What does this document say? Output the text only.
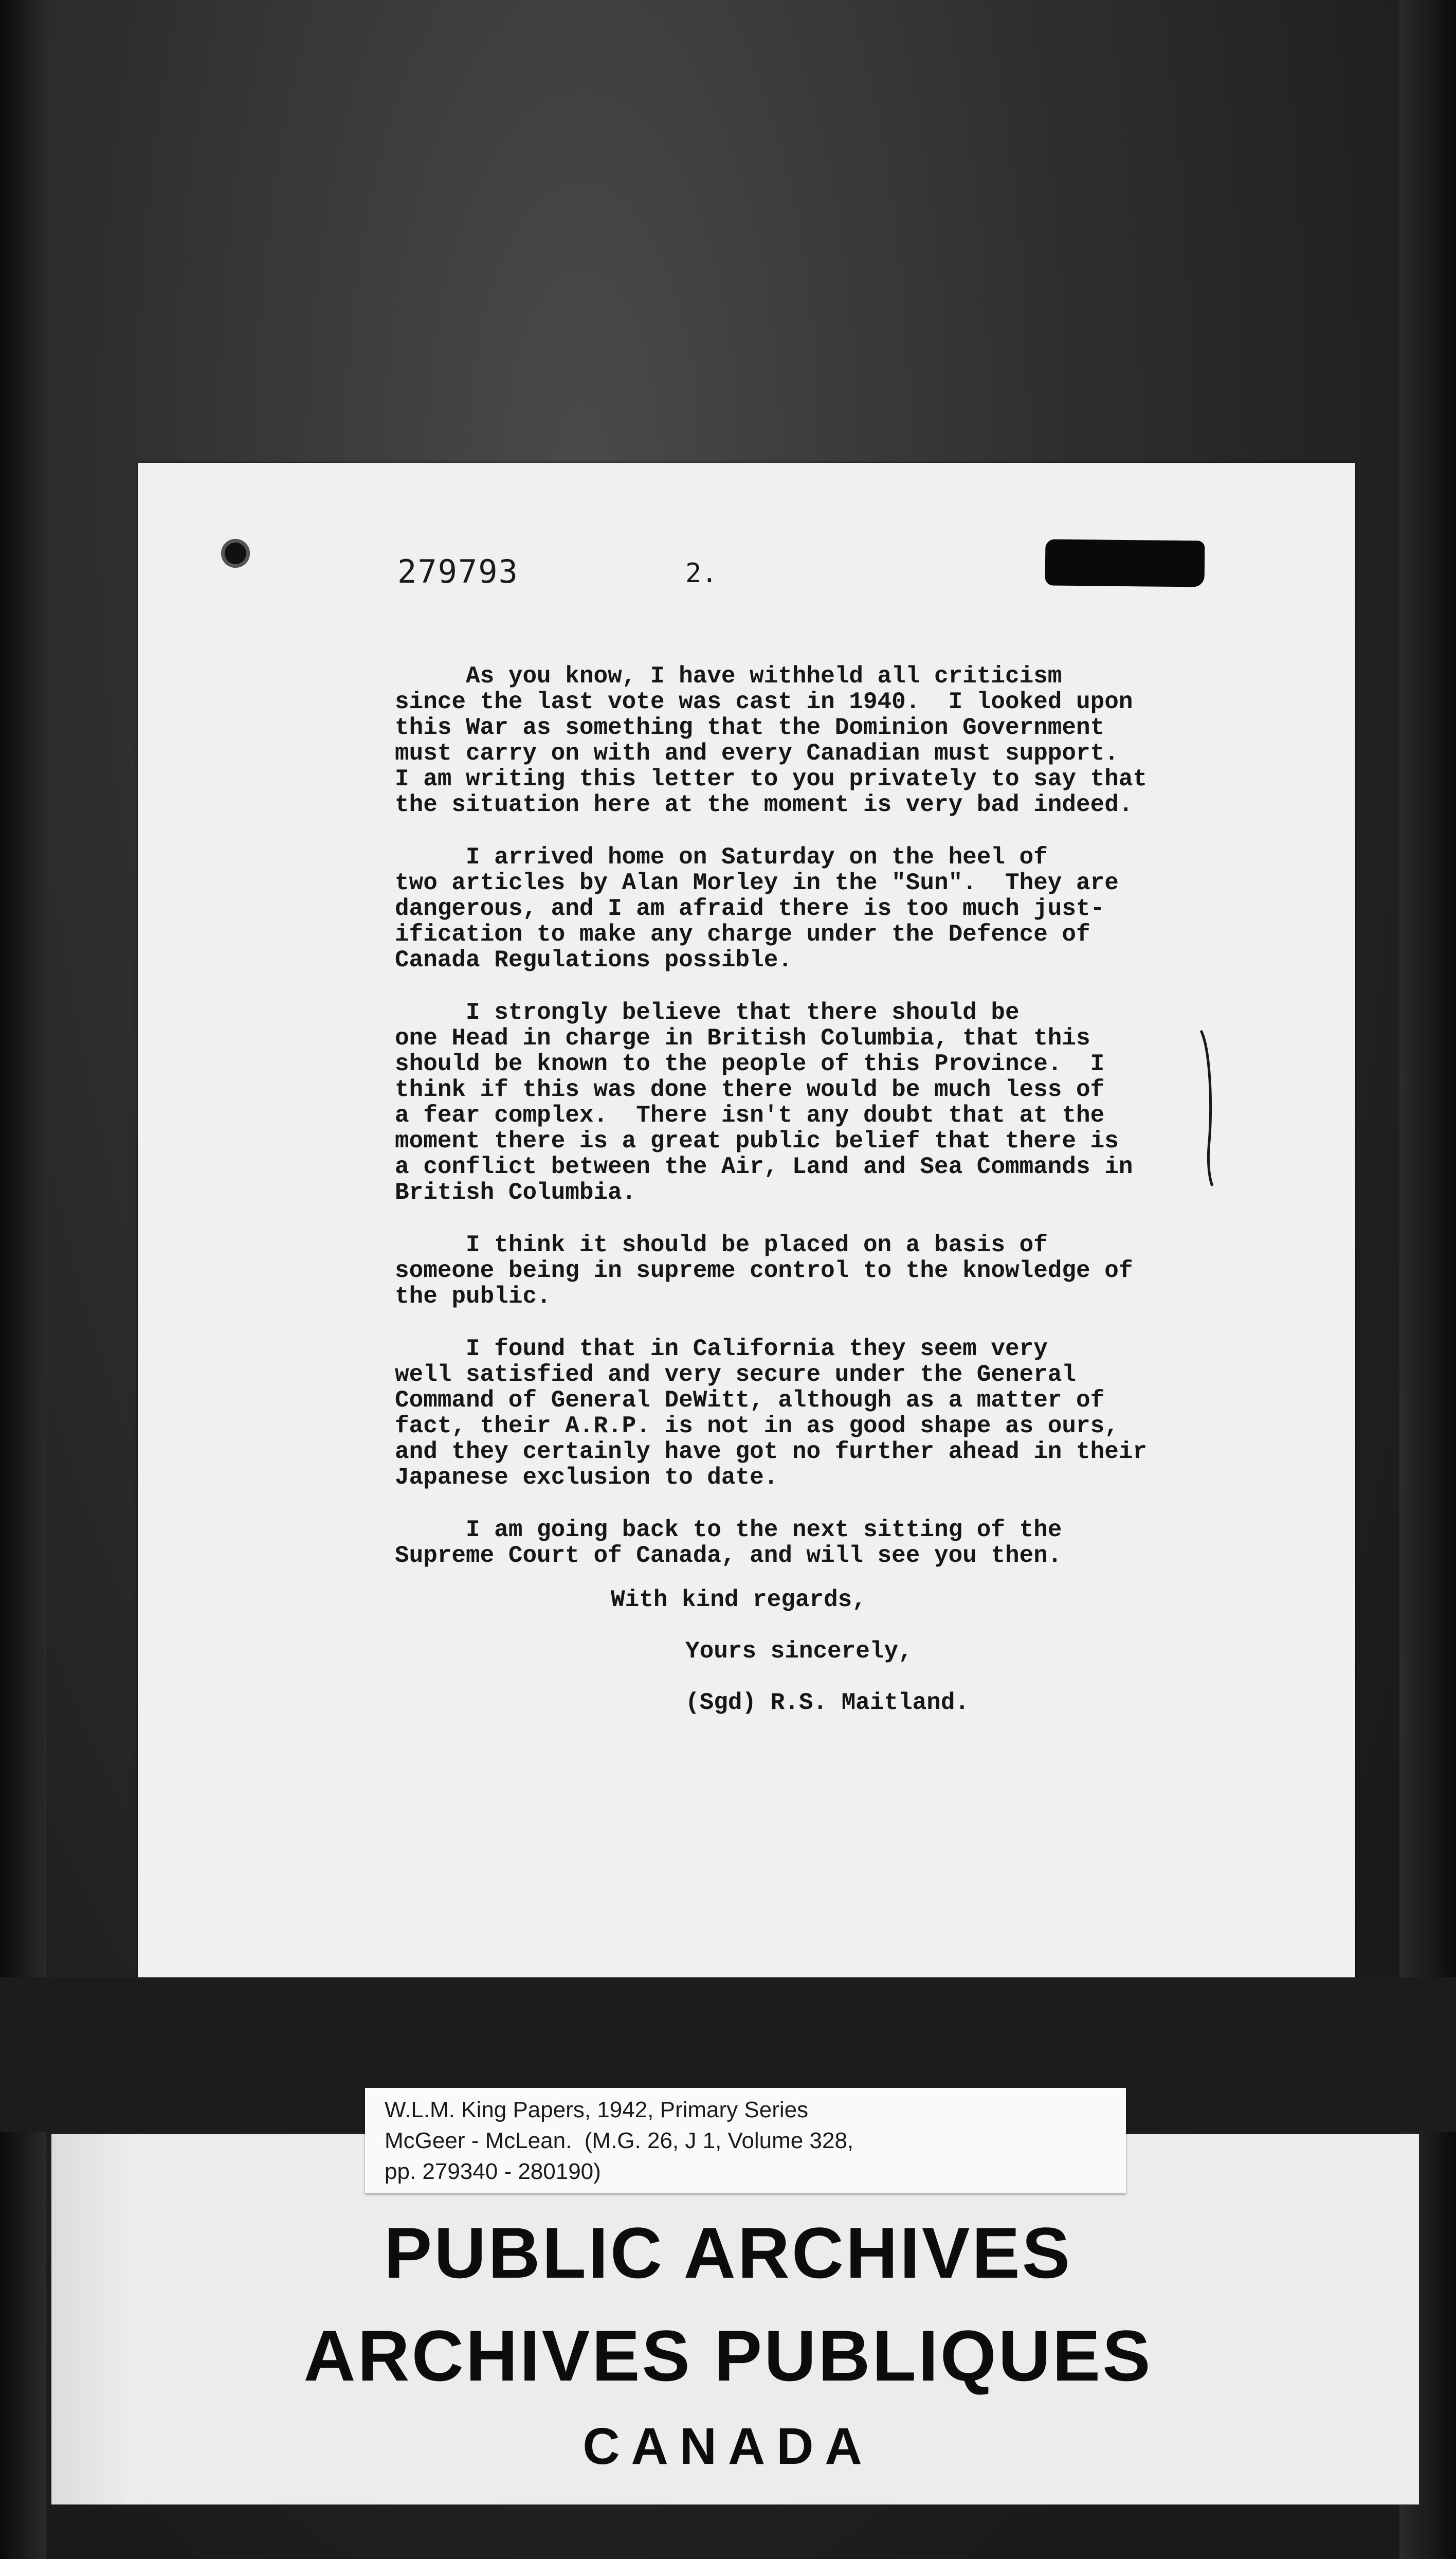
279793	2.
As you know, I have withheld all criticism
since the last vote was cast in 1940.  I looked upon
this War as something that the Dominion Government
must carry on with and every Canadian must support.
I am writing this letter to you privately to say that
the situation here at the moment is very bad indeed.
I arrived home on Saturday on the heel of
two articles by Alan Morley in the "Sun".  They are
dangerous, and I am afraid there is too much just-
ification to make any charge under the Defence of
Canada Regulations possible.
I strongly believe that there should be
one Head in charge in British Columbia, that this
should be known to the people of this Province.  I
think if this was done there would be much less of
a fear complex.  There isn't any doubt that at the
moment there is a great public belief that there is
a conflict between the Air, Land and Sea Commands in
British Columbia.
I think it should be placed on a basis of
someone being in supreme control to the knowledge of
the public.
I found that in California they seem very
well satisfied and very secure under the General
Command of General DeWitt, although as a matter of
fact, their A.R.P. is not in as good shape as ours,
and they certainly have got no further ahead in their
Japanese exclusion to date.
I am going back to the next sitting of the
Supreme Court of Canada, and will see you then.
With kind regards,
Yours sincerely,
(Sgd) R.S. Maitland.
W.L.M. King Papers, 1942, Primary Series
McGeer - McLean.  (M.G. 26, J 1, Volume 328,
pp. 279340 - 280190)
PUBLIC ARCHIVES
ARCHIVES PUBLIQUES
CANADA
